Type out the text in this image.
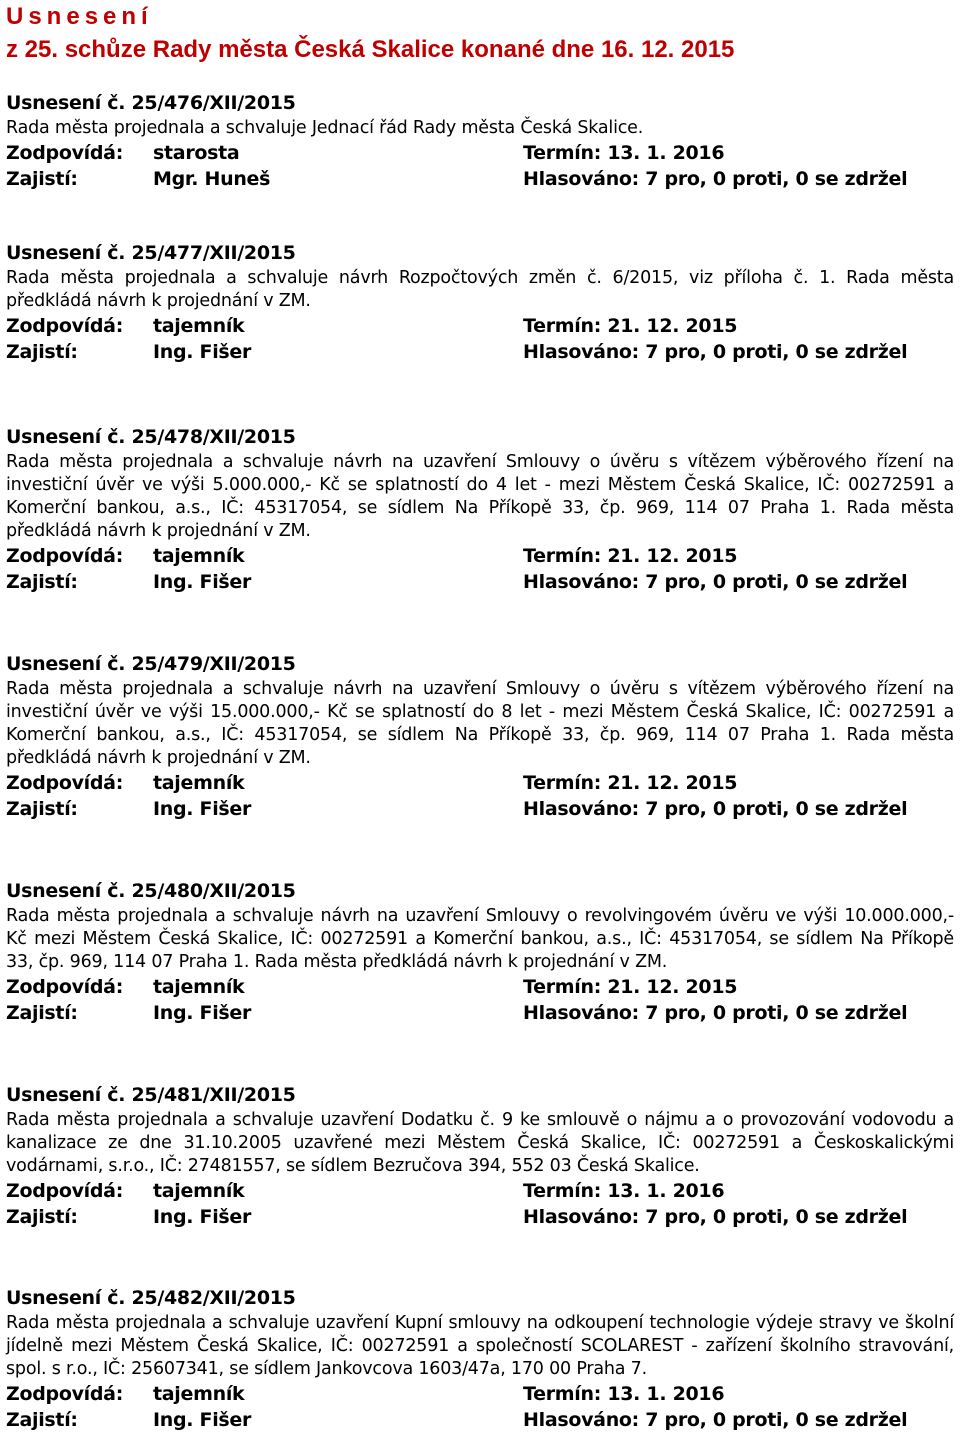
Usnesení
z 25. schůze Rady města Česká Skalice konané dne 16. 12. 2015
Usnesení č. 25/476/XII/2015
Rada města projednala a schvaluje Jednací řád Rady města Česká Skalice.
Zodpovídá: starosta	Termín: 13. 1. 2016
Zajistí:	Mgr. Huneš	Hlasováno: 7 pro, 0 proti, 0 se zdržel
Usnesení č. 25/477/XII/2015
Rada města projednala a schvaluje návrh Rozpočtových změn č. 6/2015, viz příloha č. 1. Rada města předkládá návrh k projednání v ZM.
Zodpovídá: tajemník	Termín: 21. 12. 2015
Zajistí:	Ing. Fišer	Hlasováno: 7 pro, 0 proti, 0 se zdržel
Usnesení č. 25/478/XII/2015
Rada města projednala a schvaluje návrh na uzavření Smlouvy o úvěru s vítězem výběrového řízení na investiční úvěr ve výši 5.000.000,- Kč se splatností do 4 let - mezi Městem Česká Skalice, IČ: 00272591 a Komerční bankou, a.s., IČ: 45317054, se sídlem Na Příkopě 33, čp. 969, 114 07 Praha 1. Rada města předkládá návrh k projednání v ZM.
Zodpovídá: tajemník	Termín: 21. 12. 2015
Zajistí:	Ing. Fišer	Hlasováno: 7 pro, 0 proti, 0 se zdržel
Usnesení č. 25/479/XII/2015
Rada města projednala a schvaluje návrh na uzavření Smlouvy o úvěru s vítězem výběrového řízení na investiční úvěr ve výši 15.000.000,- Kč se splatností do 8 let - mezi Městem Česká Skalice, IČ: 00272591 a Komerční bankou, a.s., IČ: 45317054, se sídlem Na Příkopě 33, čp. 969, 114 07 Praha 1. Rada města předkládá návrh k projednání v ZM.
Zodpovídá: tajemník	Termín: 21. 12. 2015
Zajistí:	Ing. Fišer	Hlasováno: 7 pro, 0 proti, 0 se zdržel
Usnesení č. 25/480/XII/2015
Rada města projednala a schvaluje návrh na uzavření Smlouvy o revolvingovém úvěru ve výši 10.000.000,- Kč mezi Městem Česká Skalice, IČ: 00272591 a Komerční bankou, a.s., IČ: 45317054, se sídlem Na Příkopě 33, čp. 969, 114 07 Praha 1. Rada města předkládá návrh k projednání v ZM.
Zodpovídá: tajemník	Termín: 21. 12. 2015
Zajistí:	Ing. Fišer	Hlasováno: 7 pro, 0 proti, 0 se zdržel
Usnesení č. 25/481/XII/2015
Rada města projednala a schvaluje uzavření Dodatku č. 9 ke smlouvě o nájmu a o provozování vodovodu a kanalizace ze dne 31.10.2005 uzavřené mezi Městem Česká Skalice, IČ: 00272591 a Českoskalickými vodárnami, s.r.o., IČ: 27481557, se sídlem Bezručova 394, 552 03 Česká Skalice.
Zodpovídá: tajemník	Termín: 13. 1. 2016
Zajistí:	Ing. Fišer	Hlasováno: 7 pro, 0 proti, 0 se zdržel
Usnesení č. 25/482/XII/2015
Rada města projednala a schvaluje uzavření Kupní smlouvy na odkoupení technologie výdeje stravy ve školní jídelně mezi Městem Česká Skalice, IČ: 00272591 a společností SCOLAREST - zařízení školního stravování, spol. s r.o., IČ: 25607341, se sídlem Jankovcova 1603/47a, 170 00 Praha 7.
Zodpovídá: tajemník	Termín: 13. 1. 2016
Zajistí:	Ing. Fišer	Hlasováno: 7 pro, 0 proti, 0 se zdržel
